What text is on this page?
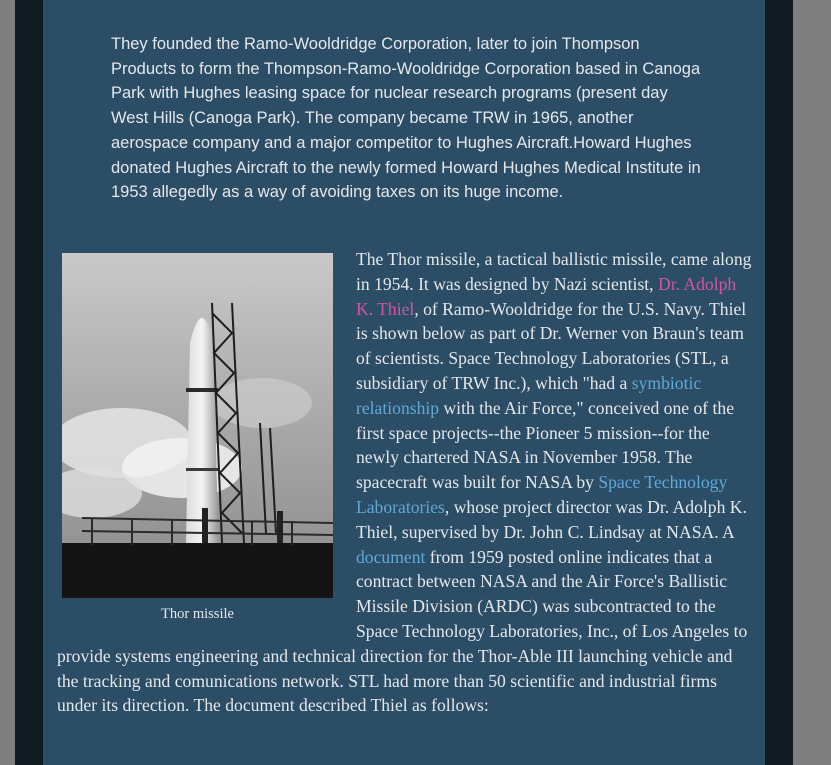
They founded the Ramo-Wooldridge Corporation, later to join Thompson Products to form the Thompson-Ramo-Wooldridge Corporation based in Canoga Park with Hughes leasing space for nuclear research programs (present day West Hills (Canoga Park). The company became TRW in 1965, another aerospace company and a major competitor to Hughes Aircraft.Howard Hughes donated Hughes Aircraft to the newly formed Howard Hughes Medical Institute in 1953 allegedly as a way of avoiding taxes on its huge income.
Thor missile
The Thor missile, a tactical ballistic missile, came along in 1954. It was designed by Nazi scientist, Dr. Adolph K. Thiel, of Ramo-Wooldridge for the U.S. Navy. Thiel is shown below as part of Dr. Werner von Braun's team of scientists. Space Technology Laboratories (STL, a subsidiary of TRW Inc.), which "had a symbiotic relationship with the Air Force," conceived one of the first space projects--the Pioneer 5 mission--for the newly chartered NASA in November 1958. The spacecraft was built for NASA by Space Technology Laboratories, whose project director was Dr. Adolph K. Thiel, supervised by Dr. John C. Lindsay at NASA. A document from 1959 posted online indicates that a contract between NASA and the Air Force's Ballistic Missile Division (ARDC) was subcontracted to the Space Technology Laboratories, Inc., of Los Angeles to provide systems engineering and technical direction for the Thor-Able III launching vehicle and the tracking and comunications network. STL had more than 50 scientific and industrial firms under its direction. The document described Thiel as follows:
